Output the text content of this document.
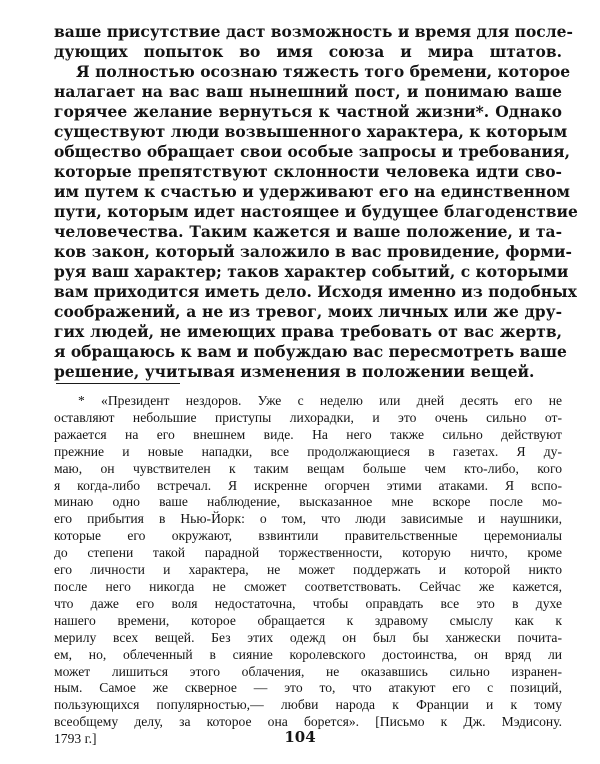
ваше присутствие даст возможность и время для после-
дующих попыток во имя союза и мира штатов.

Я полностью осознаю тяжесть того бремени, которое
налагает на вас ваш нынешний пост, и понимаю ваше
горячее желание вернуться к частной жизни*. Однако
существуют люди возвышенного характера, к которым
общество обращает свои особые запросы и требования,
которые препятствуют склонности человека идти сво-
им путем к счастью и удерживают его на единственном
пути, которым идет настоящее и будущее благоденствие
человечества. Таким кажется и ваше положение, и та-
ков закон, который заложило в вас провидение, форми-
руя ваш характер; таков характер событий, с которыми
вам приходится иметь дело. Исходя именно из подобных
соображений, а не из тревог, моих личных или же дру-
гих людей, не имеющих права требовать от вас жертв,
я обращаюсь к вам и побуждаю вас пересмотреть ваше
решение, учитывая изменения в положении вещей.

* «Президент нездоров. Уже с неделю или дней десять его не
оставляют небольшие приступы лихорадки, и это очень сильно от-
ражается на его внешнем виде. На него также сильно действуют
прежние и новые нападки, все продолжающиеся в газетах. Я ду-
маю, он чувствителен к таким вещам больше чем кто-либо, кого
я когда-либо встречал. Я искренне огорчен этими атаками. Я вспо-
минаю одно ваше наблюдение, высказанное мне вскоре после мо-
его прибытия в Нью-Йорк: о том, что люди зависимые и наушники,
которые его окружают, взвинтили правительственные церемониалы
до степени такой парадной торжественности, которую ничто, кроме
его личности и характера, не может поддержать и которой никто
после него никогда не сможет соответствовать. Сейчас же кажется,
что даже его воля недостаточна, чтобы оправдать все это в духе
нашего времени, которое обращается к здравому смыслу как к
мерилу всех вещей. Без этих одежд он был бы ханжески почита-
ем, но, облеченный в сияние королевского достоинства, он вряд ли
может лишиться этого облачения, не оказавшись сильно изранен-
ным. Самое же скверное — это то, что атакуют его с позиций,
пользующихся популярностью,— любви народа к Франции и к тому
всеобщему делу, за которое она борется». [Письмо к Дж. Мэдисону.
1793 г.]	104
